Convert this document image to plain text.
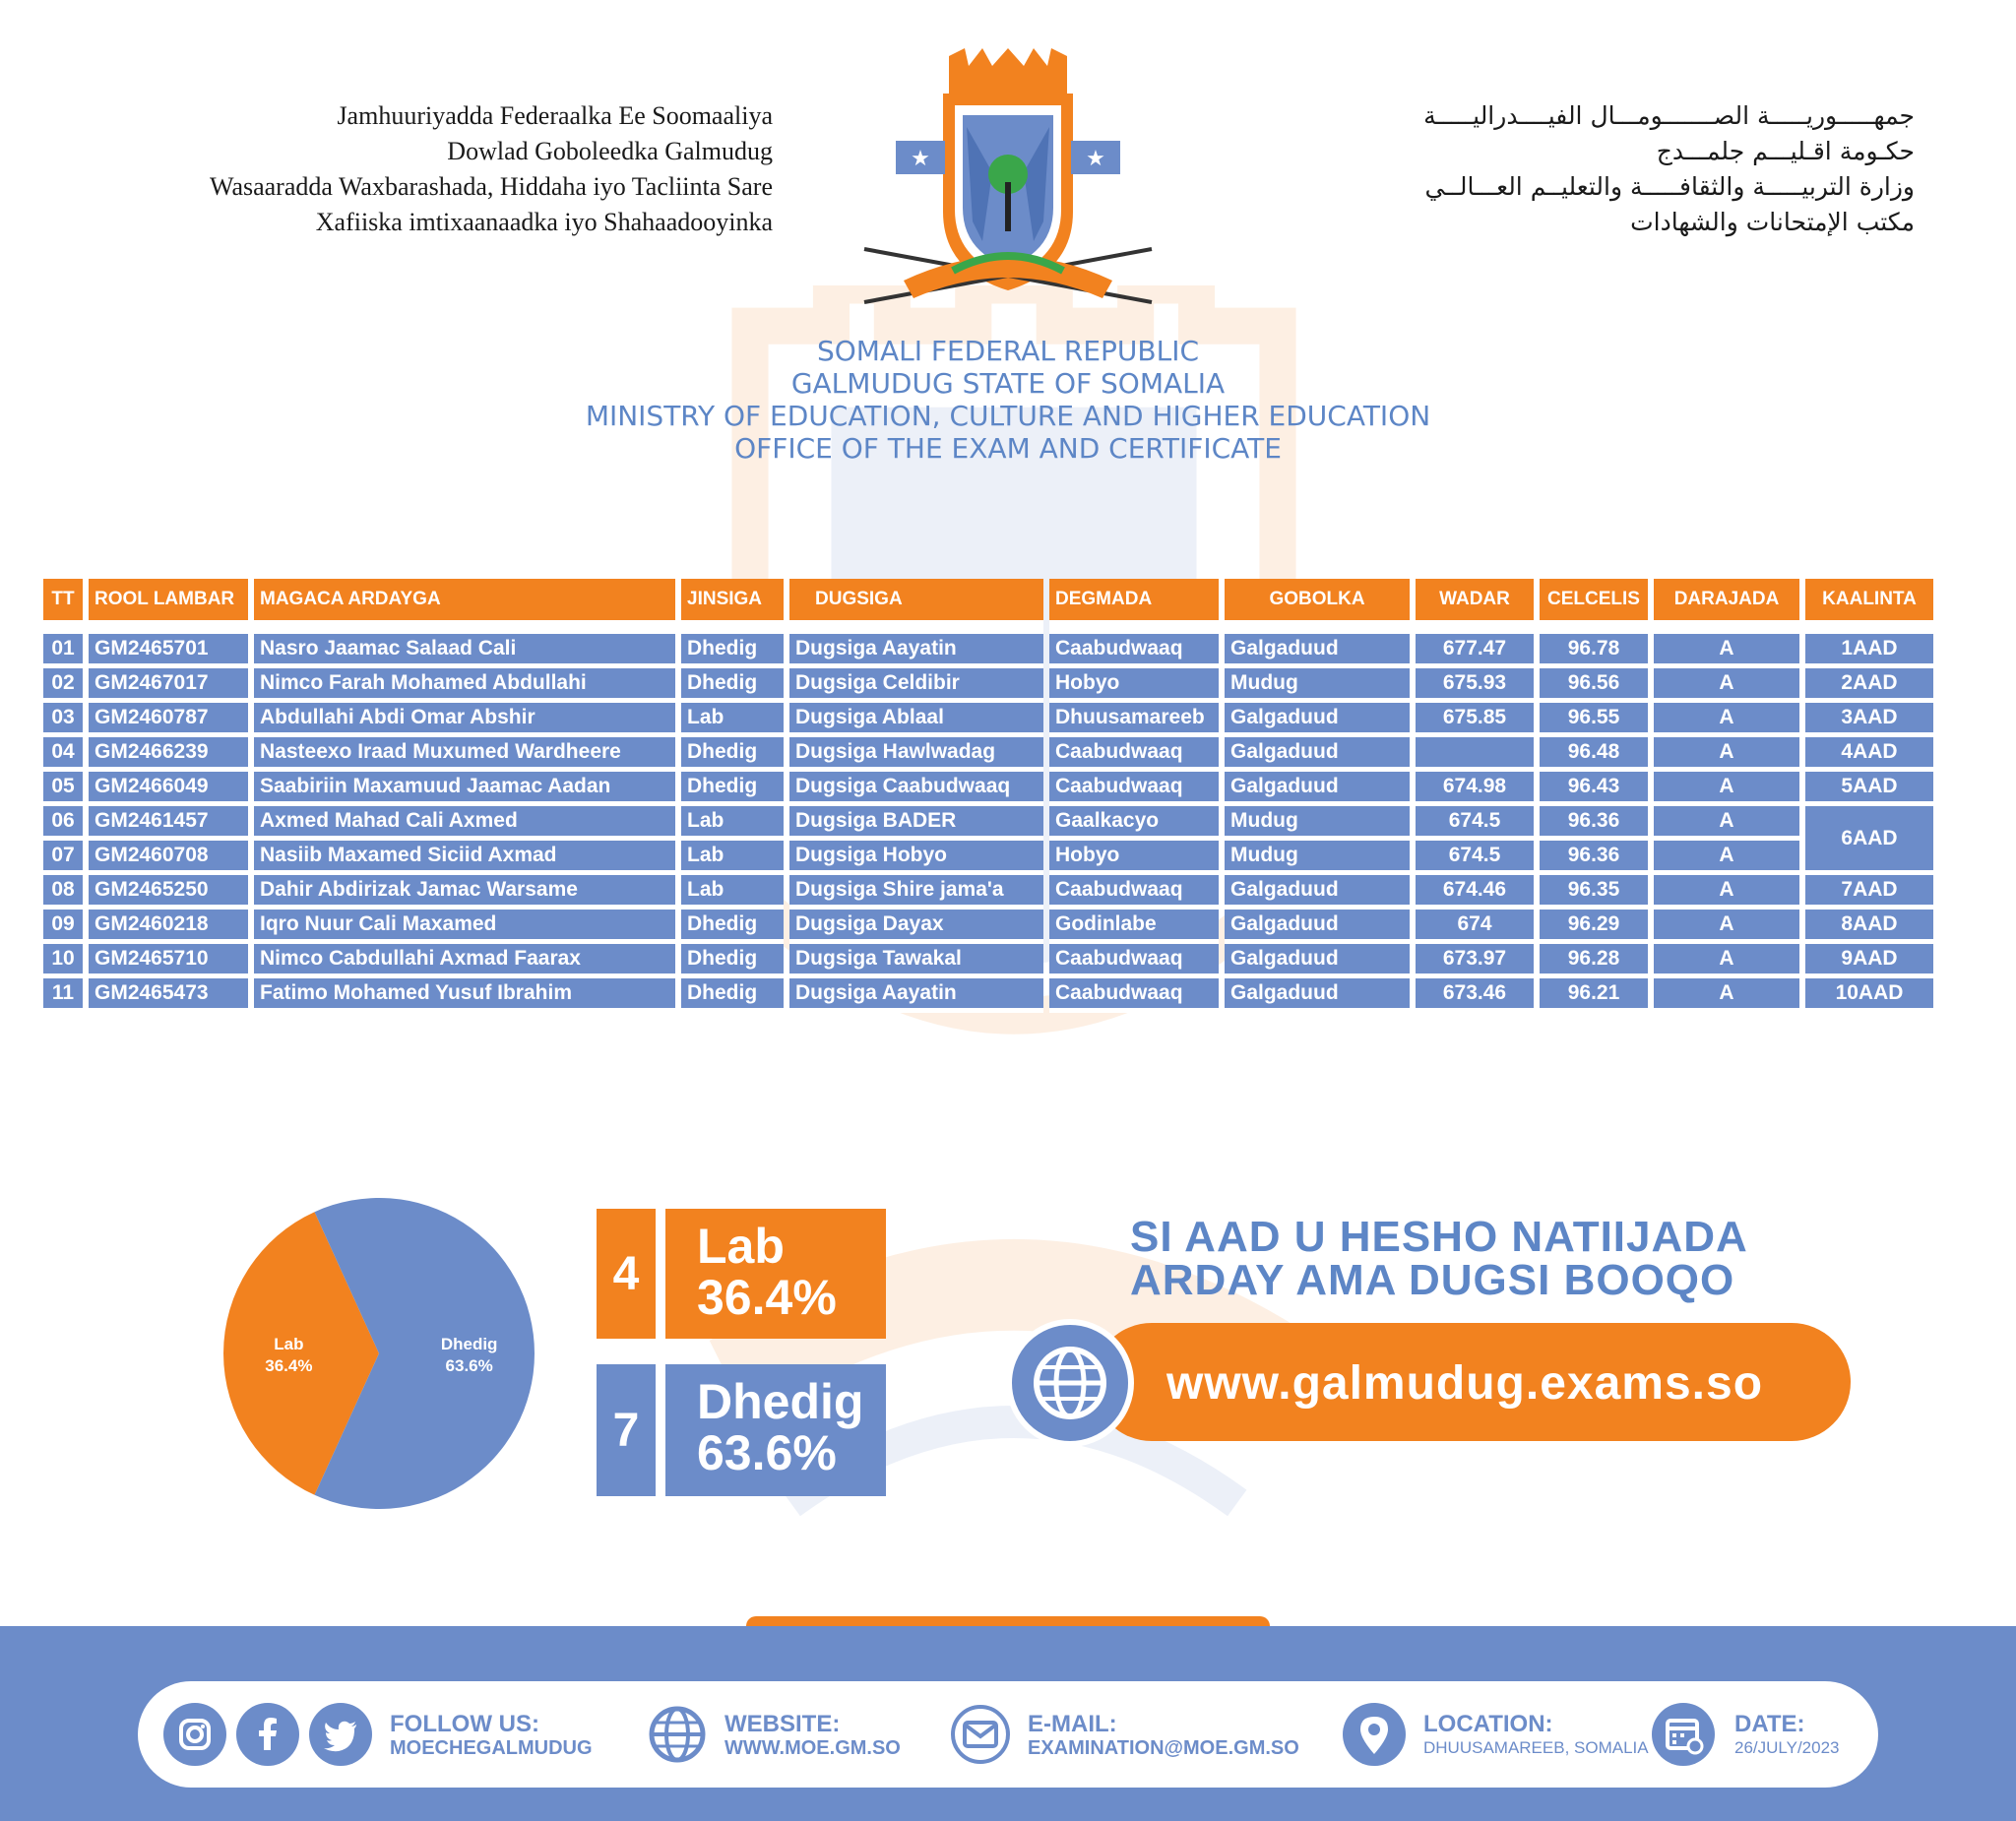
Jamhuuriyadda Federaalka Ee Soomaaliya
Dowlad Goboleedka Galmudug
Wasaaradda Waxbarashada, Hiddaha iyo Tacliinta Sare
Xafiiska imtixaanaadka iyo Shahaadooyinka
★	★
جمهـــــوريـــــة الصـــــــومـــال الفيــــدراليـــــة
حكـومة اقـليـــم جلمـــدج
وزارة التربيـــــة والثقافـــــة والتعليــم العـــالــي
مكتب الإمتحانات والشهادات
SOMALI FEDERAL REPUBLIC
GALMUDUG STATE OF SOMALIA
MINISTRY OF EDUCATION, CULTURE AND HIGHER EDUCATION
OFFICE OF THE EXAM AND CERTIFICATE
TT	ROOL LAMBAR	MAGACA ARDAYGA	JINSIGA	DUGSIGA	DEGMADA	GOBOLKA	WADAR	CELCELIS	DARAJADA	KAALINTA
01	GM2465701	Nasro Jaamac Salaad Cali	Dhedig	Dugsiga Aayatin	Caabudwaaq	Galgaduud	677.47	96.78	A	1AAD
02	GM2467017	Nimco Farah Mohamed Abdullahi	Dhedig	Dugsiga Celdibir	Hobyo	Mudug	675.93	96.56	A	2AAD
03	GM2460787	Abdullahi Abdi Omar Abshir	Lab	Dugsiga Ablaal	Dhuusamareeb	Galgaduud	675.85	96.55	A	3AAD
04	GM2466239	Nasteexo Iraad Muxumed Wardheere	Dhedig	Dugsiga Hawlwadag	Caabudwaaq	Galgaduud		96.48	A	4AAD
05	GM2466049	Saabiriin Maxamuud Jaamac Aadan	Dhedig	Dugsiga Caabudwaaq	Caabudwaaq	Galgaduud	674.98	96.43	A	5AAD
06	GM2461457	Axmed Mahad Cali Axmed	Lab	Dugsiga BADER	Gaalkacyo	Mudug	674.5	96.36	A	6AAD
07	GM2460708	Nasiib Maxamed Siciid Axmad	Lab	Dugsiga Hobyo	Hobyo	Mudug	674.5	96.36	A	
08	GM2465250	Dahir Abdirizak Jamac Warsame	Lab	Dugsiga Shire jama'a	Caabudwaaq	Galgaduud	674.46	96.35	A	7AAD
09	GM2460218	Iqro Nuur Cali Maxamed	Dhedig	Dugsiga Dayax	Godinlabe	Galgaduud	674	96.29	A	8AAD
10	GM2465710	Nimco Cabdullahi Axmad Faarax	Dhedig	Dugsiga Tawakal	Caabudwaaq	Galgaduud	673.97	96.28	A	9AAD
11	GM2465473	Fatimo Mohamed Yusuf Ibrahim	Dhedig	Dugsiga Aayatin	Caabudwaaq	Galgaduud	673.46	96.21	A	10AAD
Lab
36.4%
Dhedig
63.6%
4 Lab
36.4%
7
Dhedig
63.6%
SI AAD U HESHO NATIIJADA
ARDAY AMA DUGSI BOOQO
www.galmudug.exams.so
FOLLOW US:
MOECHEGALMUDUG
WEBSITE:
WWW.MOE.GM.SO
E-MAIL:
EXAMINATION@MOE.GM.SO
LOCATION:
DHUUSAMAREEB, SOMALIA
DATE:
26/JULY/2023
